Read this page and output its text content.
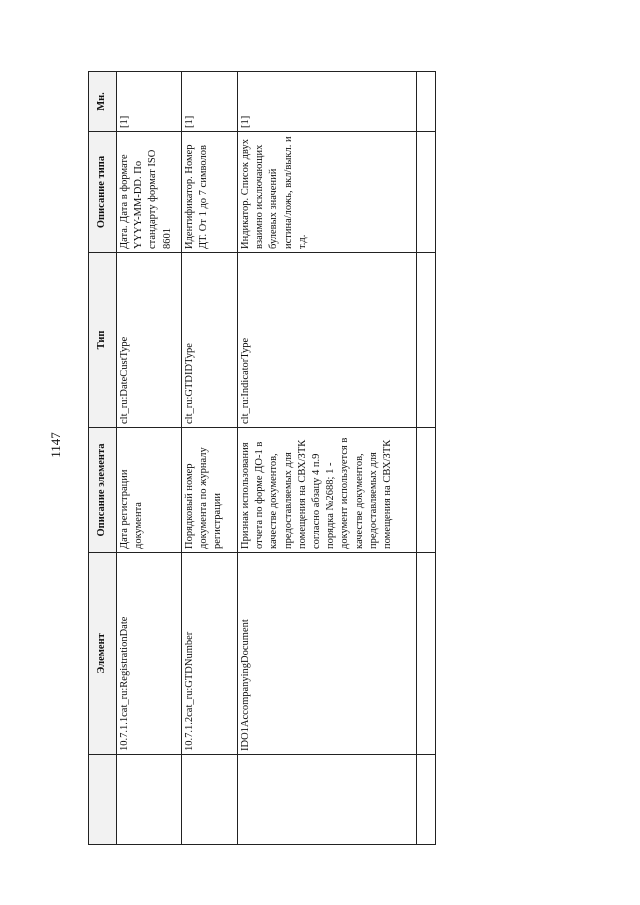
1147
	Элемент	Описание элемента	Тип	Описание типа	Мн.
	10.7.1.1cat_ru:RegistrationDate	Дата регистрации документа	clt_ru:DateCustType	Дата. Дата в формате YYYY-MM-DD. По стандарту формат ISO 8601	[1]
	10.7.1.2cat_ru:GTDNumber	Порядковый номер документа по журналу регистрации	clt_ru:GTDIDType	Идентификатор. Номер ДТ. От 1 до 7 символов	[1]
	IDO1AccompanyingDocument	Признак использования отчета по форме ДО-1 в качестве документов, предоставляемых для помещения на СВХ/ЗТК согласно абзацу 4 п.9 порядка №2688; 1 - документ используется в качестве документов, предоставляемых для помещения на СВХ/ЗТК	clt_ru:IndicatorType	Индикатор. Список двух взаимно исключающих булевых значений истина/ложь, вкл/выкл. и т.д.	[1]
